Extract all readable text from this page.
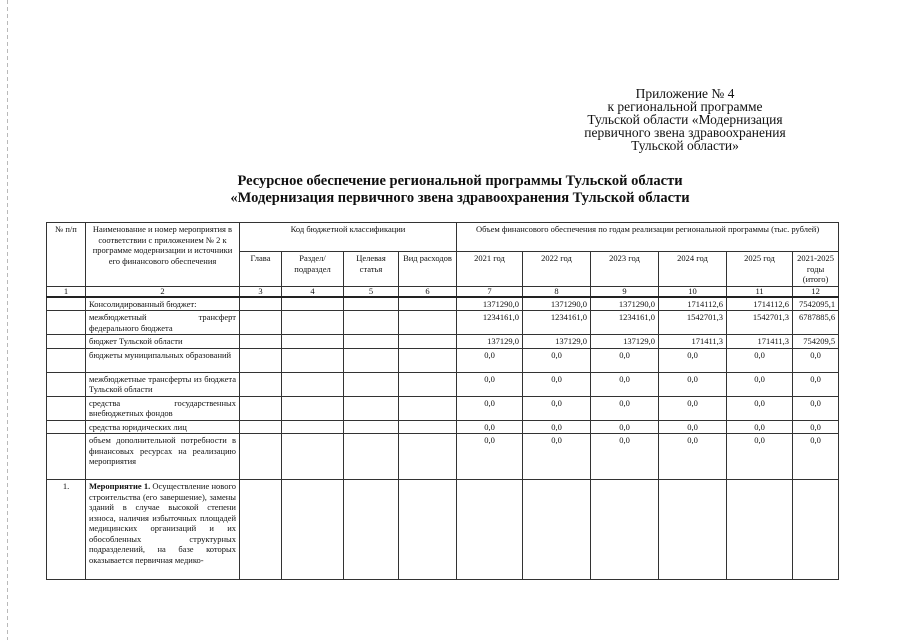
Приложение № 4
к региональной программе
Тульской области «Модернизация
первичного звена здравоохранения
Тульской области»
Ресурсное обеспечение региональной программы Тульской области
«Модернизация первичного звена здравоохранения Тульской области
№ п/п	Наименование и номер мероприятия в соответствии с приложением № 2 к программе модернизации и источники его финансового обеспечения	Код бюджетной классификации				Объем финансового обеспечения по годам реализации региональной программы (тыс. рублей)					
		Глава	Раздел/ подраздел	Целевая статья	Вид расходов	2021 год	2022 год	2023 год	2024 год	2025 год	2021-2025 годы (итого)
1	2	3	4	5	6	7	8	9	10	11	12
	Консолидированный бюджет:					1371290,0	1371290,0	1371290,0	1714112,6	1714112,6	7542095,1
	межбюджетный трансферт федерального бюджета					1234161,0	1234161,0	1234161,0	1542701,3	1542701,3	6787885,6
	бюджет Тульской области					137129,0	137129,0	137129,0	171411,3	171411,3	754209,5
	бюджеты муниципальных образований					0,0	0,0	0,0	0,0	0,0	0,0
	межбюджетные трансферты из бюджета Тульской области					0,0	0,0	0,0	0,0	0,0	0,0
	средства государственных внебюджетных фондов					0,0	0,0	0,0	0,0	0,0	0,0
	средства юридических лиц					0,0	0,0	0,0	0,0	0,0	0,0
	объем дополнительной потребности в финансовых ресурсах на реализацию мероприятия					0,0	0,0	0,0	0,0	0,0	0,0
1.	Мероприятие 1. Осуществление нового строительства (его завершение), замены зданий в случае высокой степени износа, наличия избыточных площадей медицинских организаций и их обособленных структурных подразделений, на базе которых оказывается первичная медико-										
